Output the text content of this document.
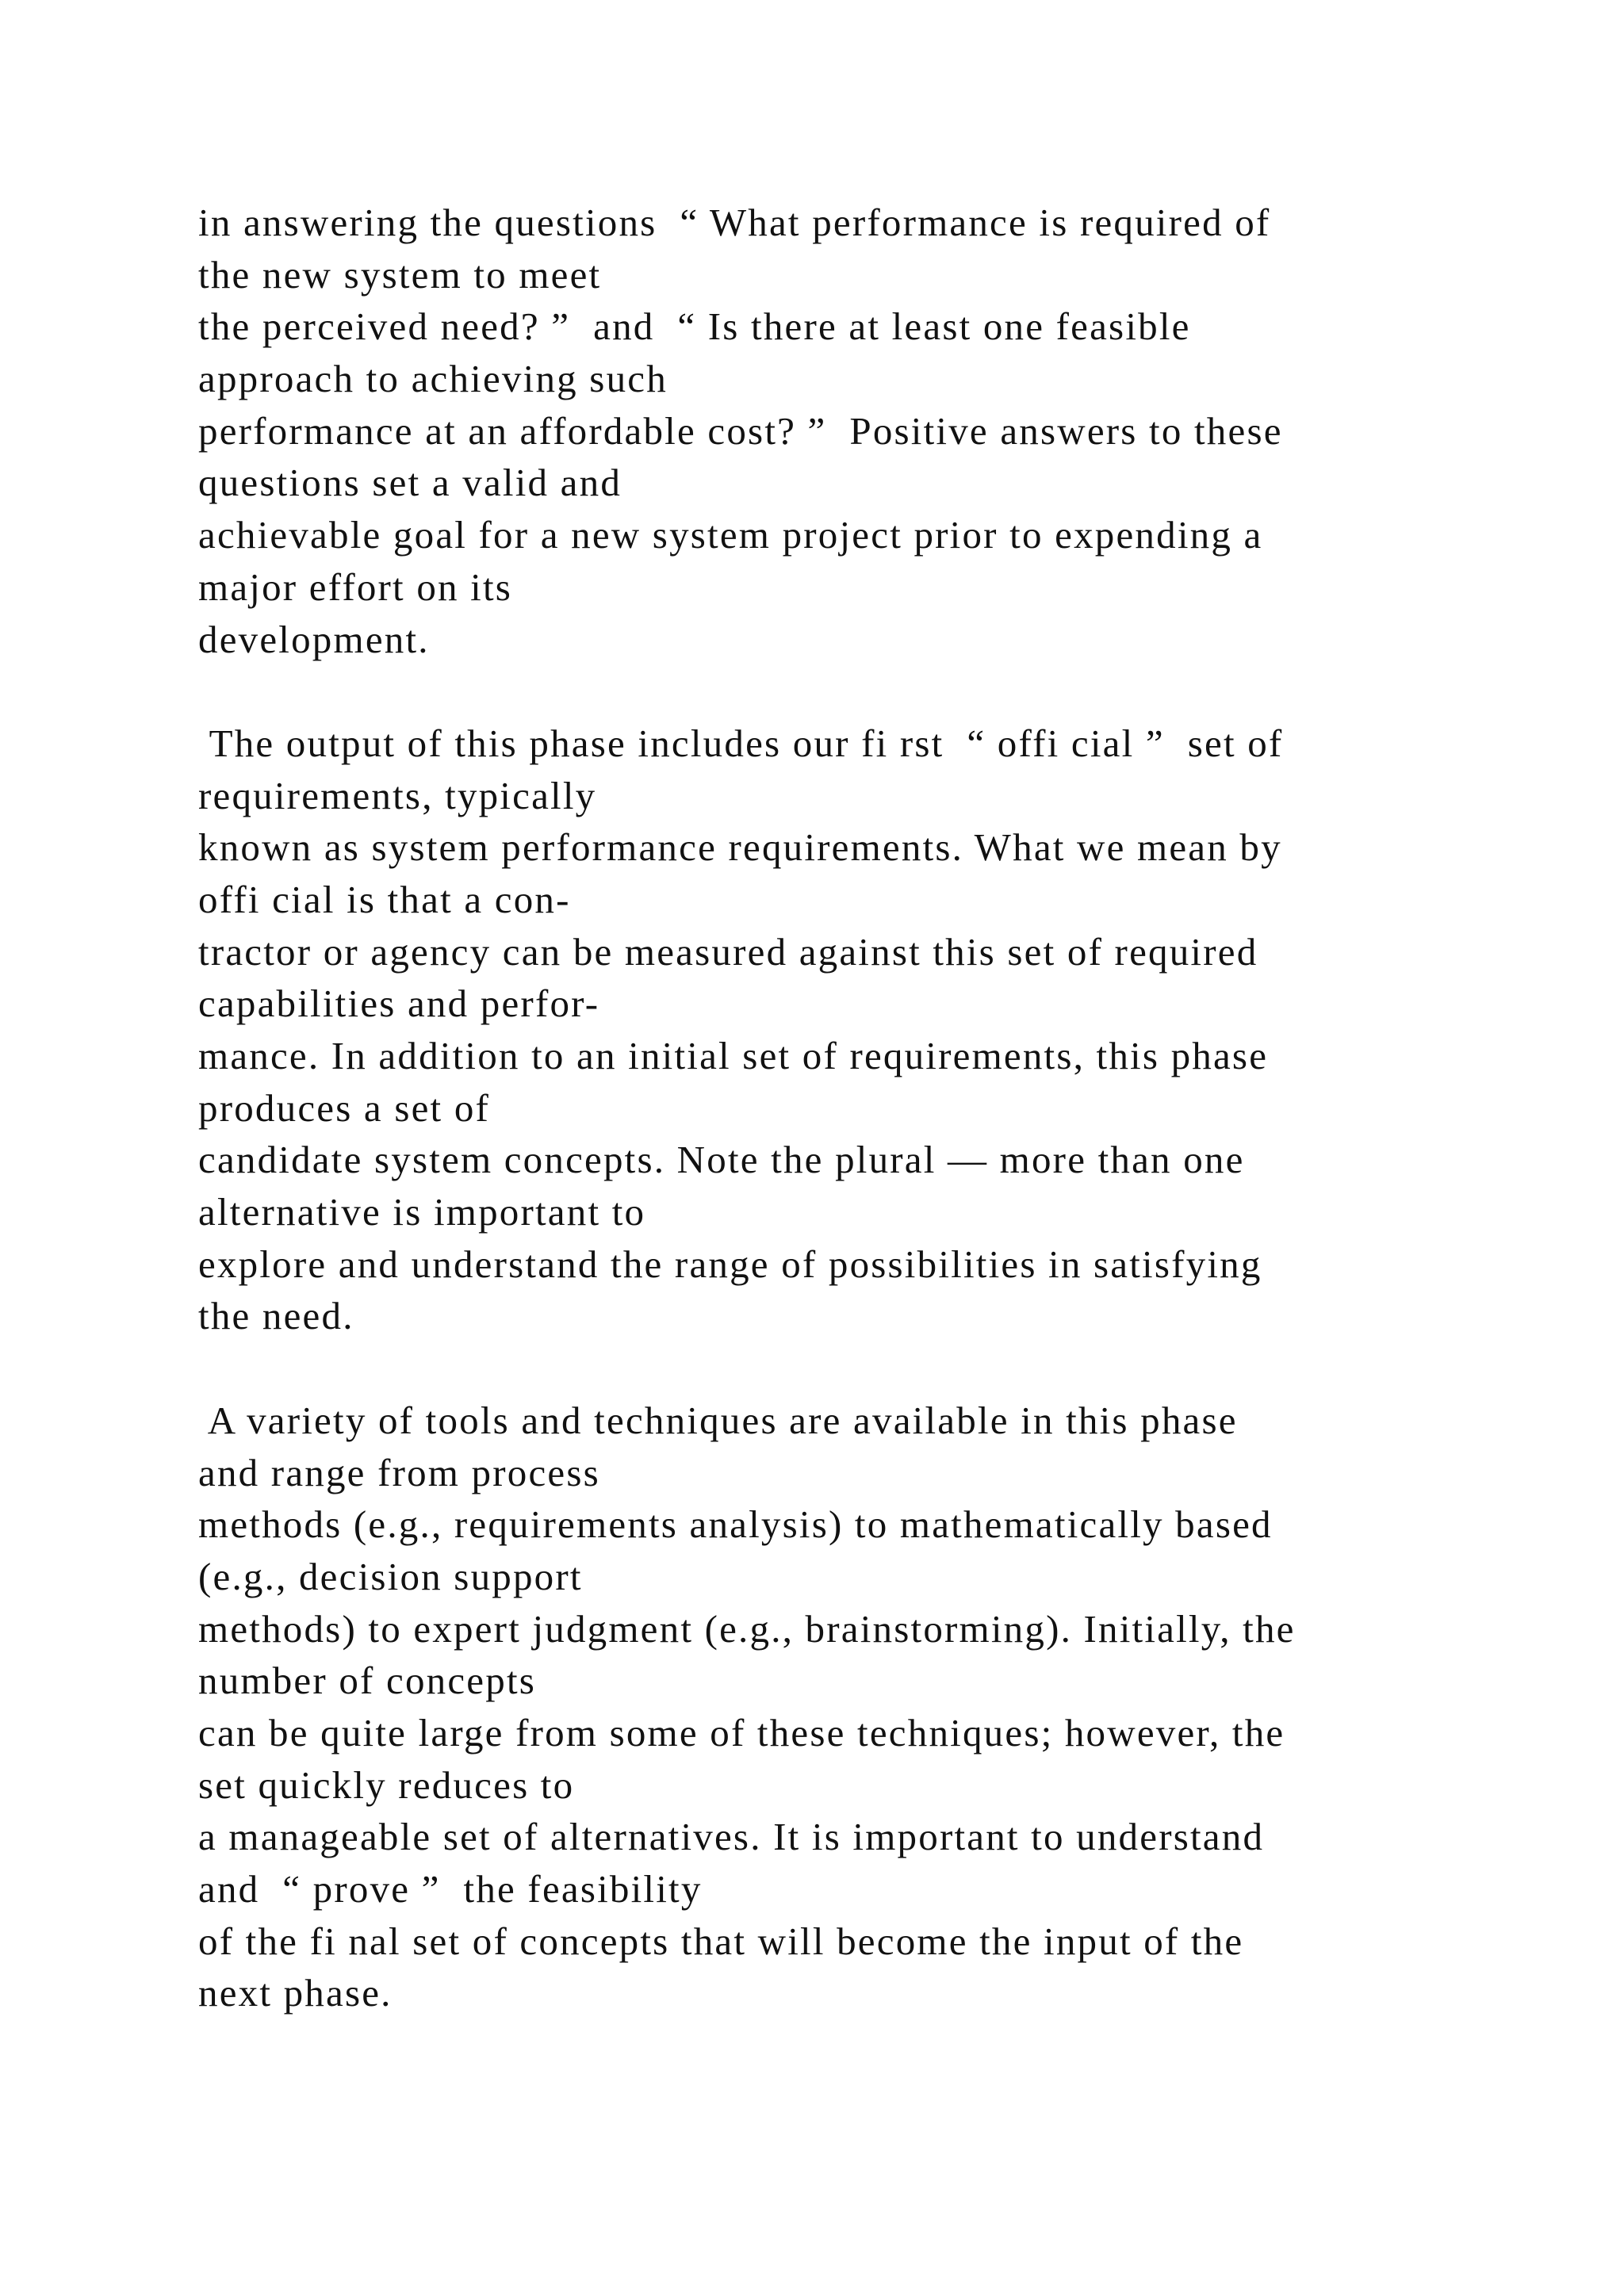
in answering the questions  “ What performance is required of
the new system to meet
the perceived need? ”  and  “ Is there at least one feasible
approach to achieving such
performance at an affordable cost? ”  Positive answers to these
questions set a valid and
achievable goal for a new system project prior to expending a
major effort on its
development.
The output of this phase includes our fi rst  “ offi cial ”  set of
requirements, typically
known as system performance requirements. What we mean by
offi cial is that a con-
tractor or agency can be measured against this set of required
capabilities and perfor-
mance. In addition to an initial set of requirements, this phase
produces a set of
candidate system concepts. Note the plural — more than one
alternative is important to
explore and understand the range of possibilities in satisfying
the need.
A variety of tools and techniques are available in this phase
and range from process
methods (e.g., requirements analysis) to mathematically based
(e.g., decision support
methods) to expert judgment (e.g., brainstorming). Initially, the
number of concepts
can be quite large from some of these techniques; however, the
set quickly reduces to
a manageable set of alternatives. It is important to understand
and  “ prove ”  the feasibility
of the fi nal set of concepts that will become the input of the
next phase.
